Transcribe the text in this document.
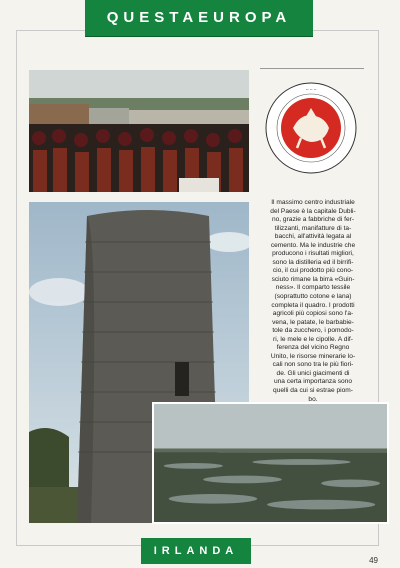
QUESTAEUROPA
~ ~ ~
Il massimo centro industriale
del Paese è la capitale Dubli-
no, grazie a fabbriche di fer-
tilizzanti, manifatture di ta-
bacchi, all'attività legata al
cemento. Ma le industrie che
producono i risultati migliori,
sono la distilleria ed il birrifi-
cio, il cui prodotto più cono-
sciuto rimane la birra «Guin-
ness». Il comparto tessile
(soprattutto cotone e lana)
completa il quadro. I prodotti
agricoli più copiosi sono l'a-
vena, le patate, le barbabie-
tole da zucchero, i pomodo-
ri, le mele e le cipolle. A dif-
ferenza del vicino Regno
Unito, le risorse minerarie lo-
cali non sono tra le più fiori-
de. Gli unici giacimenti di
una certa importanza sono
quelli da cui si estrae piom-
bo.
IRLANDA
49
